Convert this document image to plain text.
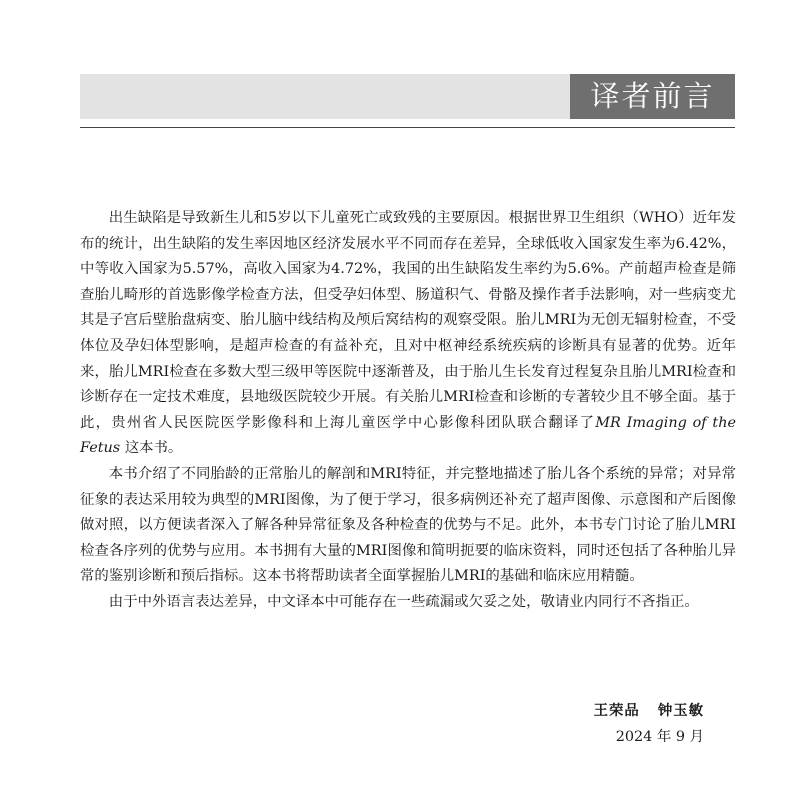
译者前言

出生缺陷是导致新生儿和5岁以下儿童死亡或致残的主要原因。根据世界卫生组织（WHO）近年发布的统计，出生缺陷的发生率因地区经济发展水平不同而存在差异，全球低收入国家发生率为6.42%，中等收入国家为5.57%，高收入国家为4.72%，我国的出生缺陷发生率约为5.6%。产前超声检查是筛查胎儿畸形的首选影像学检查方法，但受孕妇体型、肠道积气、骨骼及操作者手法影响，对一些病变尤其是子宫后壁胎盘病变、胎儿脑中线结构及颅后窝结构的观察受限。胎儿MRI为无创无辐射检查，不受体位及孕妇体型影响，是超声检查的有益补充，且对中枢神经系统疾病的诊断具有显著的优势。近年来，胎儿MRI检查在多数大型三级甲等医院中逐渐普及，由于胎儿生长发育过程复杂且胎儿MRI检查和诊断存在一定技术难度，县地级医院较少开展。有关胎儿MRI检查和诊断的专著较少且不够全面。基于此，贵州省人民医院医学影像科和上海儿童医学中心影像科团队联合翻译了MR Imaging of the Fetus 这本书。

本书介绍了不同胎龄的正常胎儿的解剖和MRI特征，并完整地描述了胎儿各个系统的异常；对异常征象的表达采用较为典型的MRI图像，为了便于学习，很多病例还补充了超声图像、示意图和产后图像做对照，以方便读者深入了解各种异常征象及各种检查的优势与不足。此外，本书专门讨论了胎儿MRI检查各序列的优势与应用。本书拥有大量的MRI图像和简明扼要的临床资料，同时还包括了各种胎儿异常的鉴别诊断和预后指标。这本书将帮助读者全面掌握胎儿MRI的基础和临床应用精髓。

由于中外语言表达差异，中文译本中可能存在一些疏漏或欠妥之处，敬请业内同行不吝指正。

王荣品 钟玉敏
2024 年 9 月
